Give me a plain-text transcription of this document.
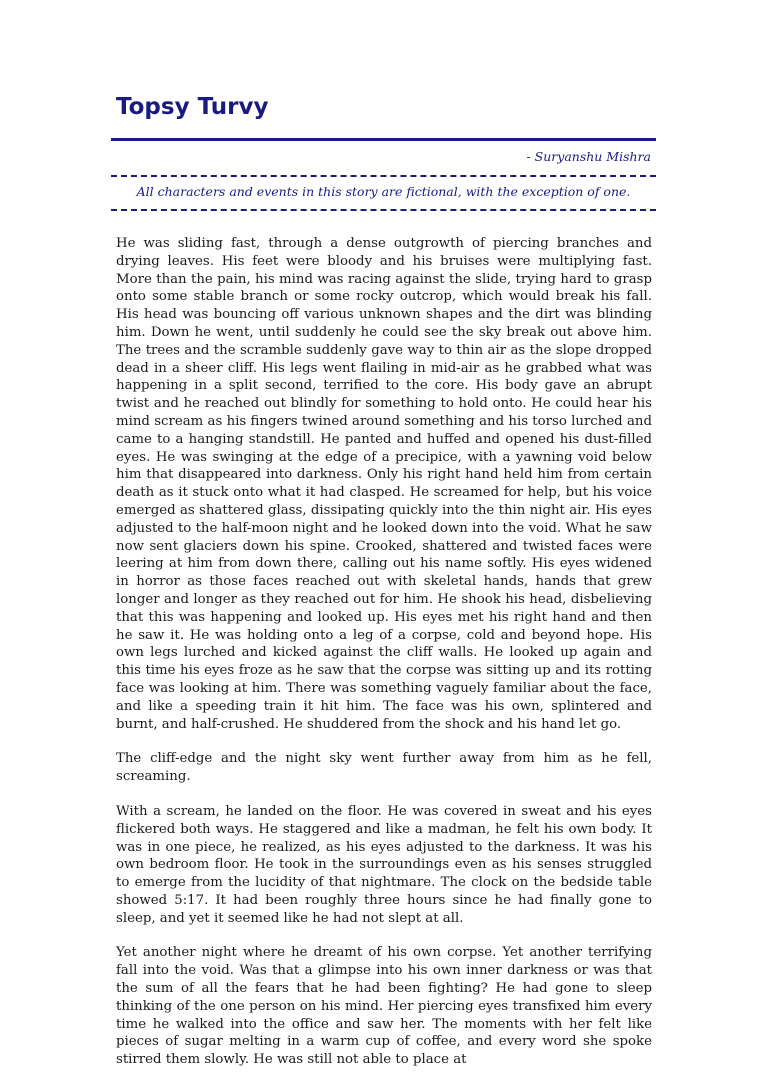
Topsy Turvy
- Suryanshu Mishra
All characters and events in this story are fictional, with the exception of one.

He was sliding fast, through a dense outgrowth of piercing branches and drying leaves. His feet were bloody and his bruises were multiplying fast. More than the pain, his mind was racing against the slide, trying hard to grasp onto some stable branch or some rocky outcrop, which would break his fall. His head was bouncing off various unknown shapes and the dirt was blinding him. Down he went, until suddenly he could see the sky break out above him. The trees and the scramble suddenly gave way to thin air as the slope dropped dead in a sheer cliff. His legs went flailing in mid-air as he grabbed what was happening in a split second, terrified to the core. His body gave an abrupt twist and he reached out blindly for something to hold onto. He could hear his mind scream as his fingers twined around something and his torso lurched and came to a hanging standstill. He panted and huffed and opened his dust-filled eyes. He was swinging at the edge of a precipice, with a yawning void below him that disappeared into darkness. Only his right hand held him from certain death as it stuck onto what it had clasped. He screamed for help, but his voice emerged as shattered glass, dissipating quickly into the thin night air. His eyes adjusted to the half-moon night and he looked down into the void. What he saw now sent glaciers down his spine. Crooked, shattered and twisted faces were leering at him from down there, calling out his name softly. His eyes widened in horror as those faces reached out with skeletal hands, hands that grew longer and longer as they reached out for him. He shook his head, disbelieving that this was happening and looked up. His eyes met his right hand and then he saw it. He was holding onto a leg of a corpse, cold and beyond hope. His own legs lurched and kicked against the cliff walls. He looked up again and this time his eyes froze as he saw that the corpse was sitting up and its rotting face was looking at him. There was something vaguely familiar about the face, and like a speeding train it hit him. The face was his own, splintered and burnt, and half-crushed. He shuddered from the shock and his hand let go.

The cliff-edge and the night sky went further away from him as he fell, screaming.

With a scream, he landed on the floor. He was covered in sweat and his eyes flickered both ways. He staggered and like a madman, he felt his own body. It was in one piece, he realized, as his eyes adjusted to the darkness. It was his own bedroom floor. He took in the surroundings even as his senses struggled to emerge from the lucidity of that nightmare. The clock on the bedside table showed 5:17. It had been roughly three hours since he had finally gone to sleep, and yet it seemed like he had not slept at all.

Yet another night where he dreamt of his own corpse. Yet another terrifying fall into the void. Was that a glimpse into his own inner darkness or was that the sum of all the fears that he had been fighting? He had gone to sleep thinking of the one person on his mind. Her piercing eyes transfixed him every time he walked into the office and saw her. The moments with her felt like pieces of sugar melting in a warm cup of coffee, and every word she spoke stirred them slowly. He was still not able to place at
